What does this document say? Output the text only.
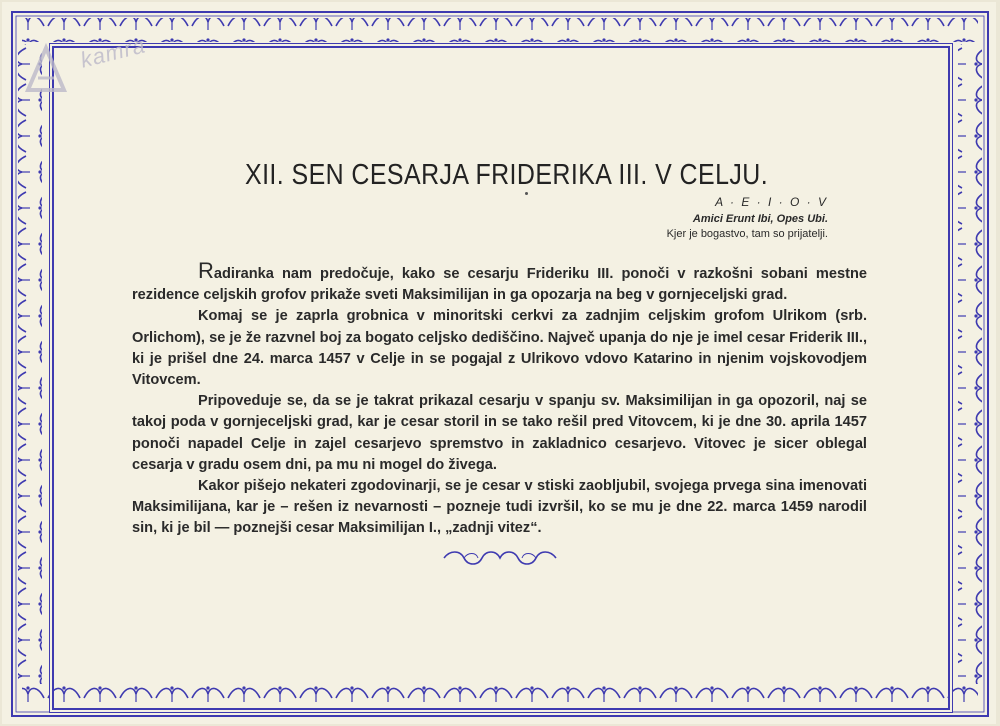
kamra
XII. SEN CESARJA FRIDERIKA III. V CELJU.
A · E · I · O · V
Amici Erunt Ibi, Opes Ubi.
Kjer je bogastvo, tam so prijatelji.

Radiranka nam predočuje, kako se cesarju Frideriku III. ponoči v razkošni sobani mestne rezidence celjskih grofov prikaže sveti Maksimilijan in ga opozarja na beg v gornjeceljski grad.

Komaj se je zaprla grobnica v minoritski cerkvi za zadnjim celjskim grofom Ulrikom (srb. Orlichom), se je že razvnel boj za bogato celjsko dediščino. Največ upanja do nje je imel cesar Friderik III., ki je prišel dne 24. marca 1457 v Celje in se pogajal z Ulrikovo vdovo Katarino in njenim vojskovodjem Vitovcem.

Pripoveduje se, da se je takrat prikazal cesarju v spanju sv. Maksimilijan in ga opozoril, naj se takoj poda v gornjeceljski grad, kar je cesar storil in se tako rešil pred Vitovcem, ki je dne 30. aprila 1457 ponoči napadel Celje in zajel cesarjevo spremstvo in zakladnico cesarjevo. Vitovec je sicer oblegal cesarja v gradu osem dni, pa mu ni mogel do živega.

Kakor pišejo nekateri zgodovinarji, se je cesar v stiski zaobljubil, svojega prvega sina imenovati Maksimilijana, kar je – rešen iz nevarnosti – pozneje tudi izvršil, ko se mu je dne 22. marca 1459 narodil sin, ki je bil — poznejši cesar Maksimilijan I., „zadnji vitez“.
